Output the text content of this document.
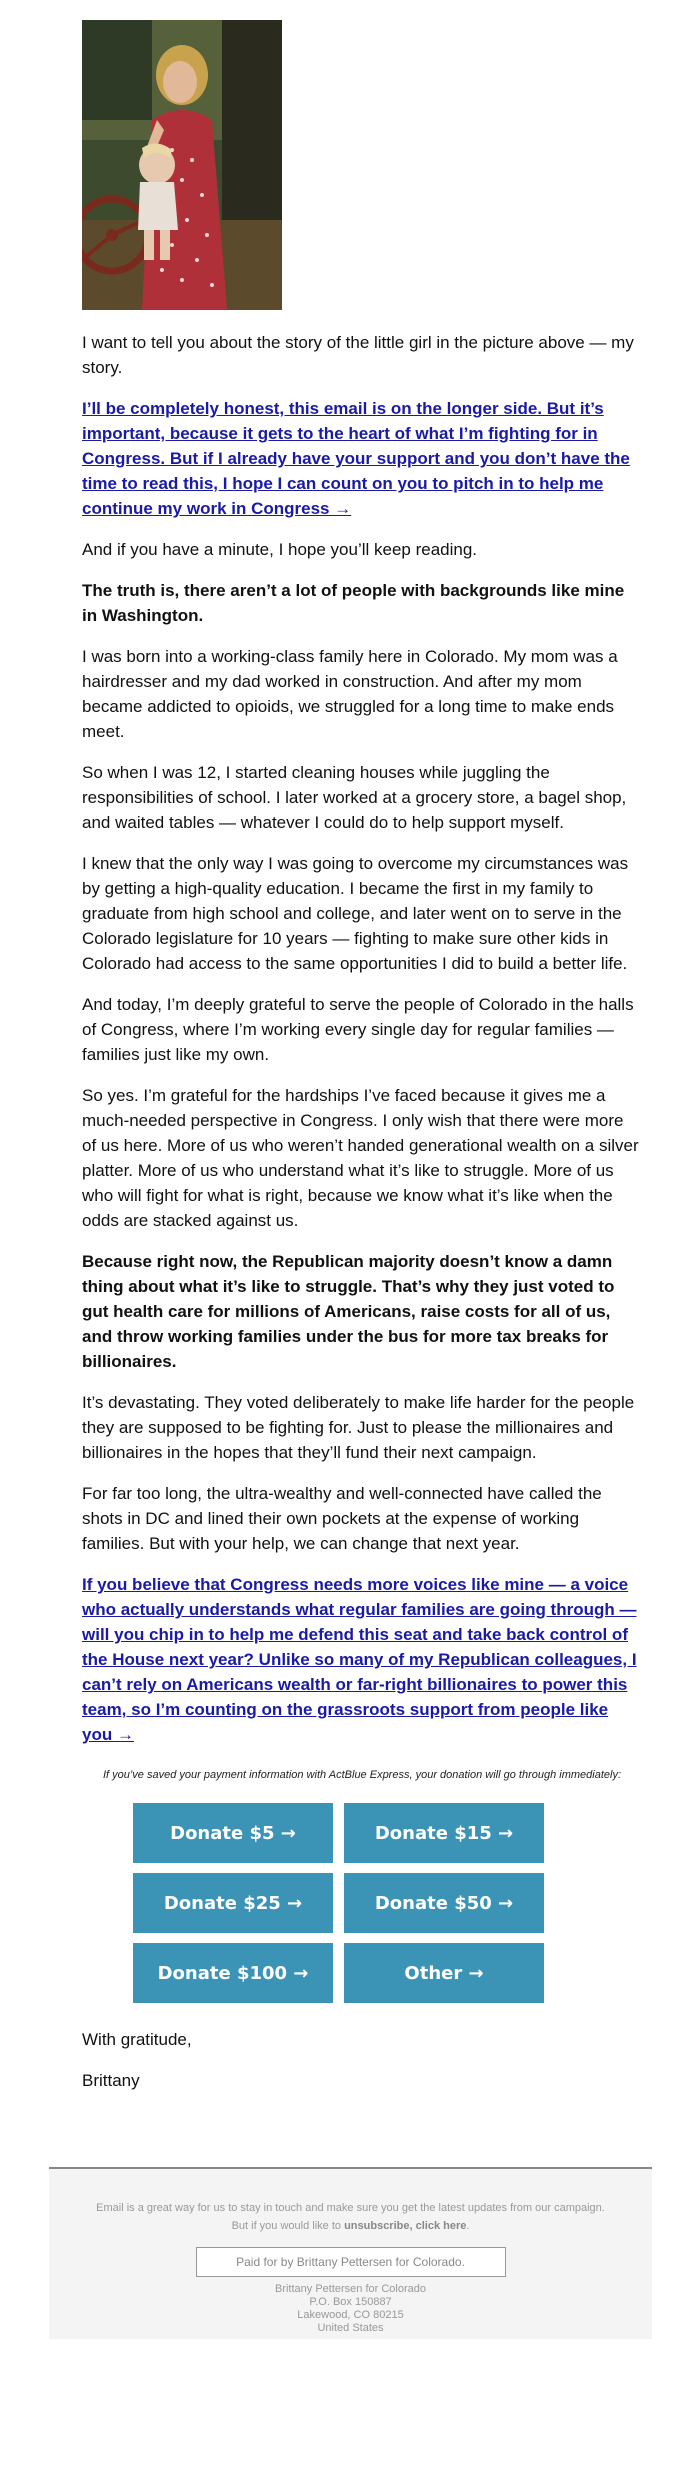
I want to tell you about the story of the little girl in the picture above — my story.

I’ll be completely honest, this email is on the longer side. But it’s important, because it gets to the heart of what I’m fighting for in Congress. But if I already have your support and you don’t have the time to read this, I hope I can count on you to pitch in to help me continue my work in Congress →

And if you have a minute, I hope you’ll keep reading.

The truth is, there aren’t a lot of people with backgrounds like mine in Washington.

I was born into a working-class family here in Colorado. My mom was a hairdresser and my dad worked in construction. And after my mom became addicted to opioids, we struggled for a long time to make ends meet.

So when I was 12, I started cleaning houses while juggling the responsibilities of school. I later worked at a grocery store, a bagel shop, and waited tables — whatever I could do to help support myself.

I knew that the only way I was going to overcome my circumstances was by getting a high-quality education. I became the first in my family to graduate from high school and college, and later went on to serve in the Colorado legislature for 10 years — fighting to make sure other kids in Colorado had access to the same opportunities I did to build a better life.

And today, I’m deeply grateful to serve the people of Colorado in the halls of Congress, where I’m working every single day for regular families — families just like my own.

So yes. I’m grateful for the hardships I’ve faced because it gives me a much-needed perspective in Congress. I only wish that there were more of us here. More of us who weren’t handed generational wealth on a silver platter. More of us who understand what it’s like to struggle. More of us who will fight for what is right, because we know what it’s like when the odds are stacked against us.

Because right now, the Republican majority doesn’t know a damn thing about what it’s like to struggle. That’s why they just voted to gut health care for millions of Americans, raise costs for all of us, and throw working families under the bus for more tax breaks for billionaires.

It’s devastating. They voted deliberately to make life harder for the people they are supposed to be fighting for. Just to please the millionaires and billionaires in the hopes that they’ll fund their next campaign.

For far too long, the ultra-wealthy and well-connected have called the shots in DC and lined their own pockets at the expense of working families. But with your help, we can change that next year.

If you believe that Congress needs more voices like mine — a voice who actually understands what regular families are going through — will you chip in to help me defend this seat and take back control of the House next year? Unlike so many of my Republican colleagues, I can’t rely on Americans wealth or far-right billionaires to power this team, so I’m counting on the grassroots support from people like you →
If you’ve saved your payment information with ActBlue Express, your donation will go through immediately:
Donate $5 →	Donate $15 →
Donate $25 →	Donate $50 →
Donate $100 →	Other →
With gratitude,
Brittany
Email is a great way for us to stay in touch and make sure you get the latest updates from our campaign.
But if you would like to unsubscribe, click here.
Paid for by Brittany Pettersen for Colorado.
Brittany Pettersen for Colorado
P.O. Box 150887
Lakewood, CO 80215
United States
